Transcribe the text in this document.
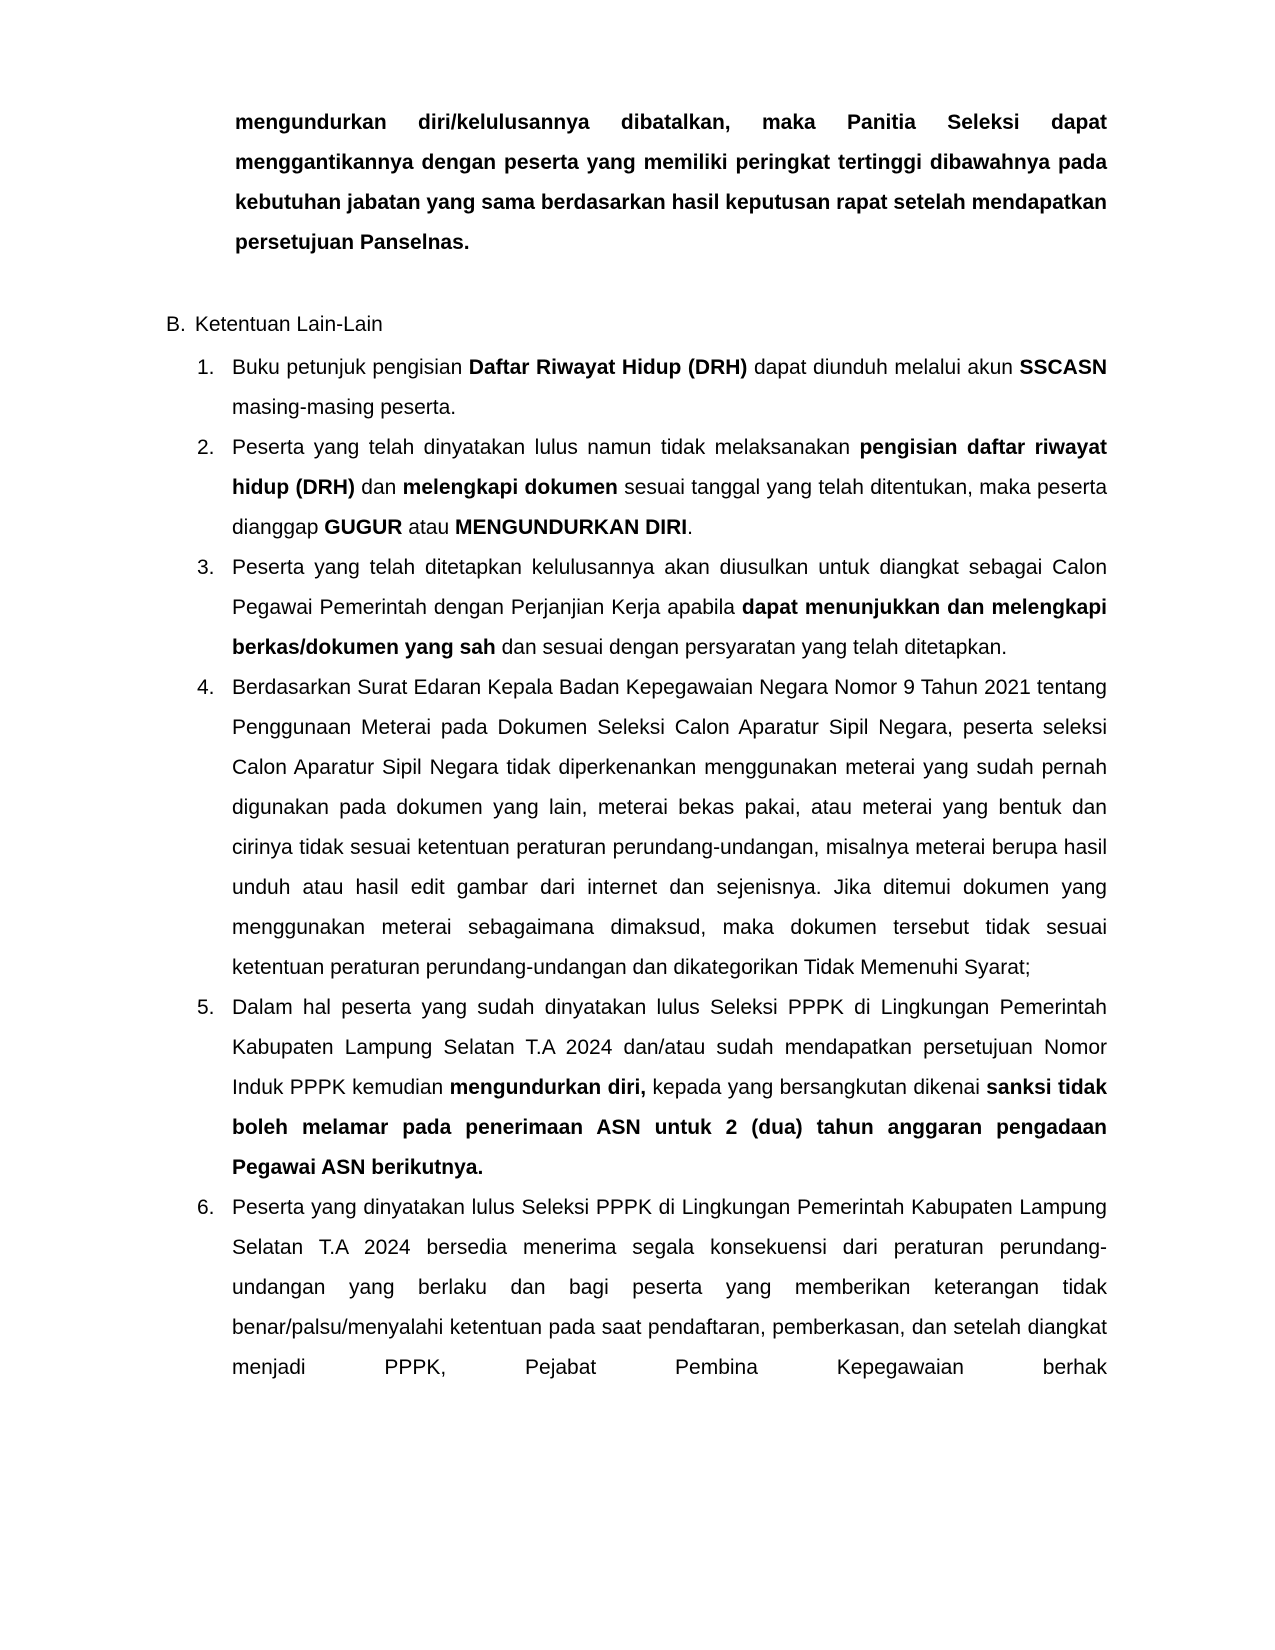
mengundurkan diri/kelulusannya dibatalkan, maka Panitia Seleksi dapat menggantikannya dengan peserta yang memiliki peringkat tertinggi dibawahnya pada kebutuhan jabatan yang sama berdasarkan hasil keputusan rapat setelah mendapatkan persetujuan Panselnas.

B. Ketentuan Lain-Lain
1. Buku petunjuk pengisian Daftar Riwayat Hidup (DRH) dapat diunduh melalui akun SSCASN masing-masing peserta.
2. Peserta yang telah dinyatakan lulus namun tidak melaksanakan pengisian daftar riwayat hidup (DRH) dan melengkapi dokumen sesuai tanggal yang telah ditentukan, maka peserta dianggap GUGUR atau MENGUNDURKAN DIRI.
3. Peserta yang telah ditetapkan kelulusannya akan diusulkan untuk diangkat sebagai Calon Pegawai Pemerintah dengan Perjanjian Kerja apabila dapat menunjukkan dan melengkapi berkas/dokumen yang sah dan sesuai dengan persyaratan yang telah ditetapkan.
4. Berdasarkan Surat Edaran Kepala Badan Kepegawaian Negara Nomor 9 Tahun 2021 tentang Penggunaan Meterai pada Dokumen Seleksi Calon Aparatur Sipil Negara, peserta seleksi Calon Aparatur Sipil Negara tidak diperkenankan menggunakan meterai yang sudah pernah digunakan pada dokumen yang lain, meterai bekas pakai, atau meterai yang bentuk dan cirinya tidak sesuai ketentuan peraturan perundang-undangan, misalnya meterai berupa hasil unduh atau hasil edit gambar dari internet dan sejenisnya. Jika ditemui dokumen yang menggunakan meterai sebagaimana dimaksud, maka dokumen tersebut tidak sesuai ketentuan peraturan perundang-undangan dan dikategorikan Tidak Memenuhi Syarat;
5. Dalam hal peserta yang sudah dinyatakan lulus Seleksi PPPK di Lingkungan Pemerintah Kabupaten Lampung Selatan T.A 2024 dan/atau sudah mendapatkan persetujuan Nomor Induk PPPK kemudian mengundurkan diri, kepada yang bersangkutan dikenai sanksi tidak boleh melamar pada penerimaan ASN untuk 2 (dua) tahun anggaran pengadaan Pegawai ASN berikutnya.
6. Peserta yang dinyatakan lulus Seleksi PPPK di Lingkungan Pemerintah Kabupaten Lampung Selatan T.A 2024 bersedia menerima segala konsekuensi dari peraturan perundang-undangan yang berlaku dan bagi peserta yang memberikan keterangan tidak benar/palsu/menyalahi ketentuan pada saat pendaftaran, pemberkasan, dan setelah diangkat menjadi PPPK, Pejabat Pembina Kepegawaian berhak
